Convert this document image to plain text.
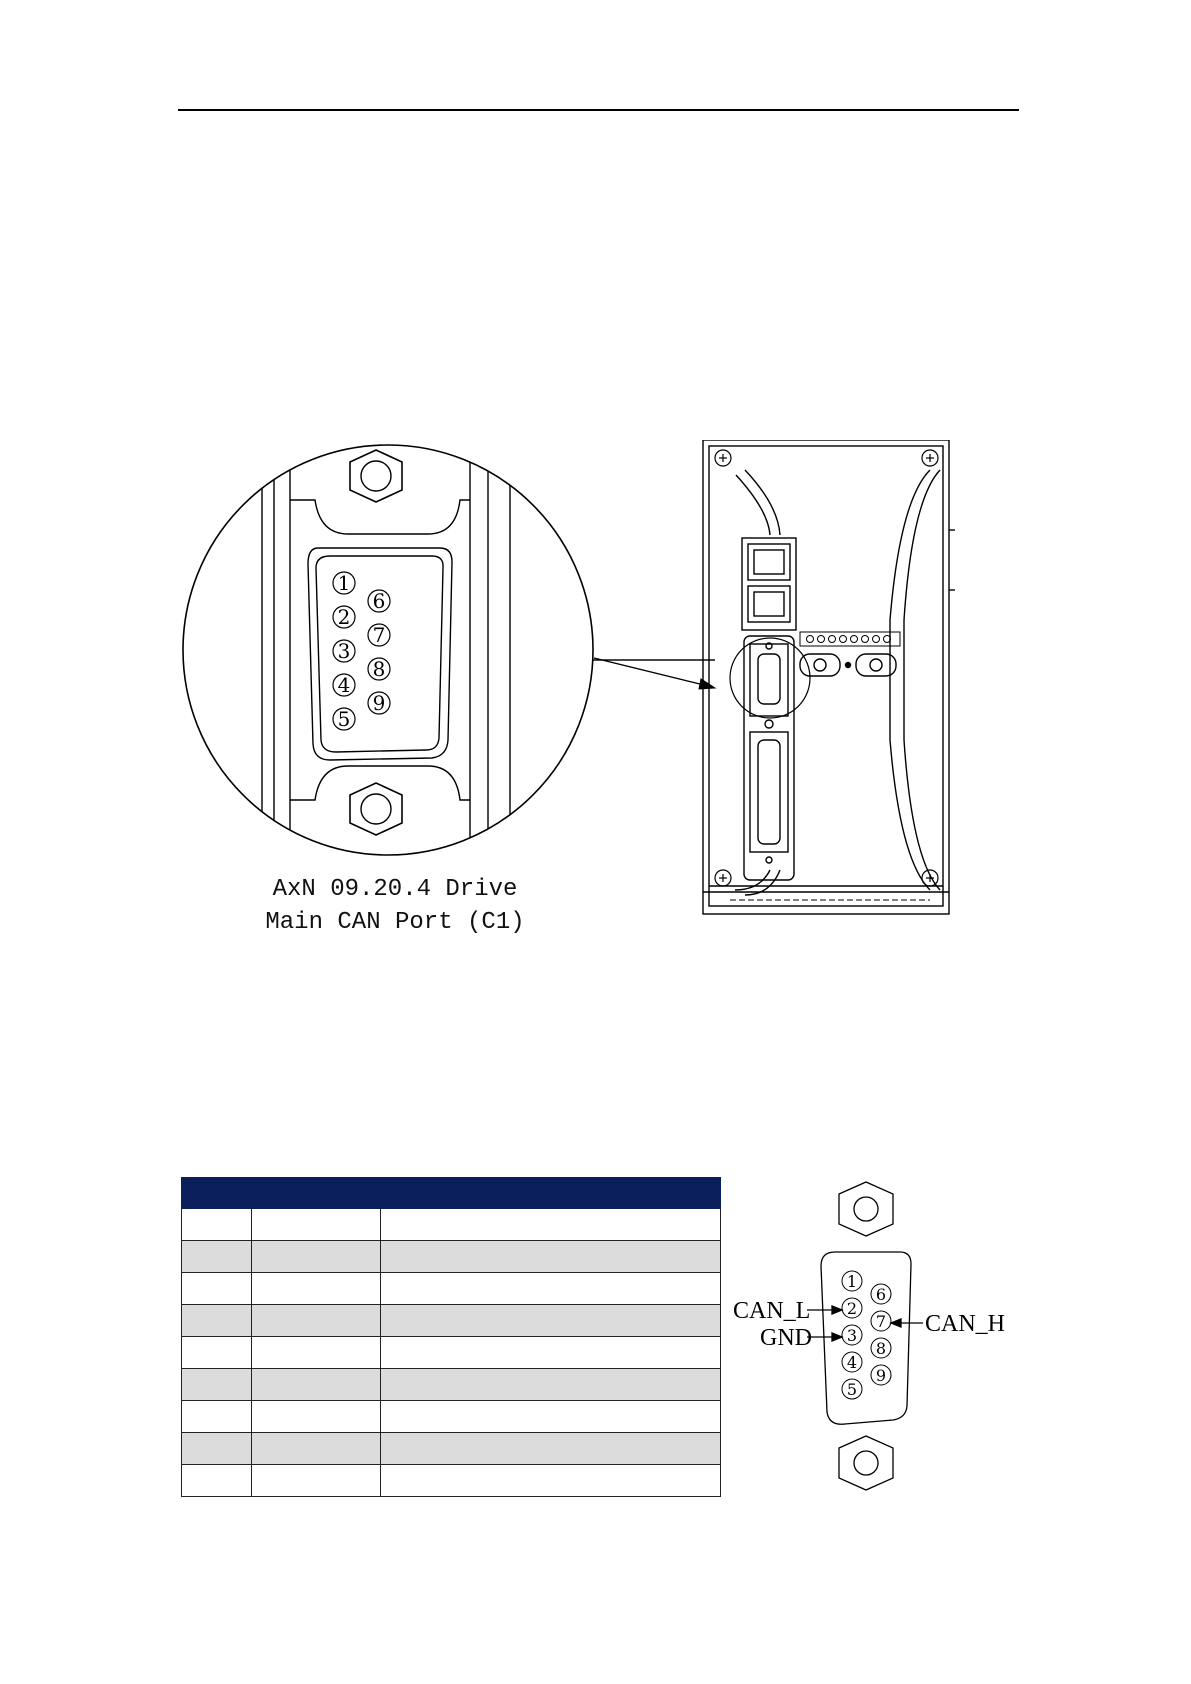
1
2
3
4
5
6
7
8
9
AxN 09.20.4 Drive
Main CAN Port (C1)

1
2
3
4
5
6
7
8
9
CAN_L
GND
CAN_H
